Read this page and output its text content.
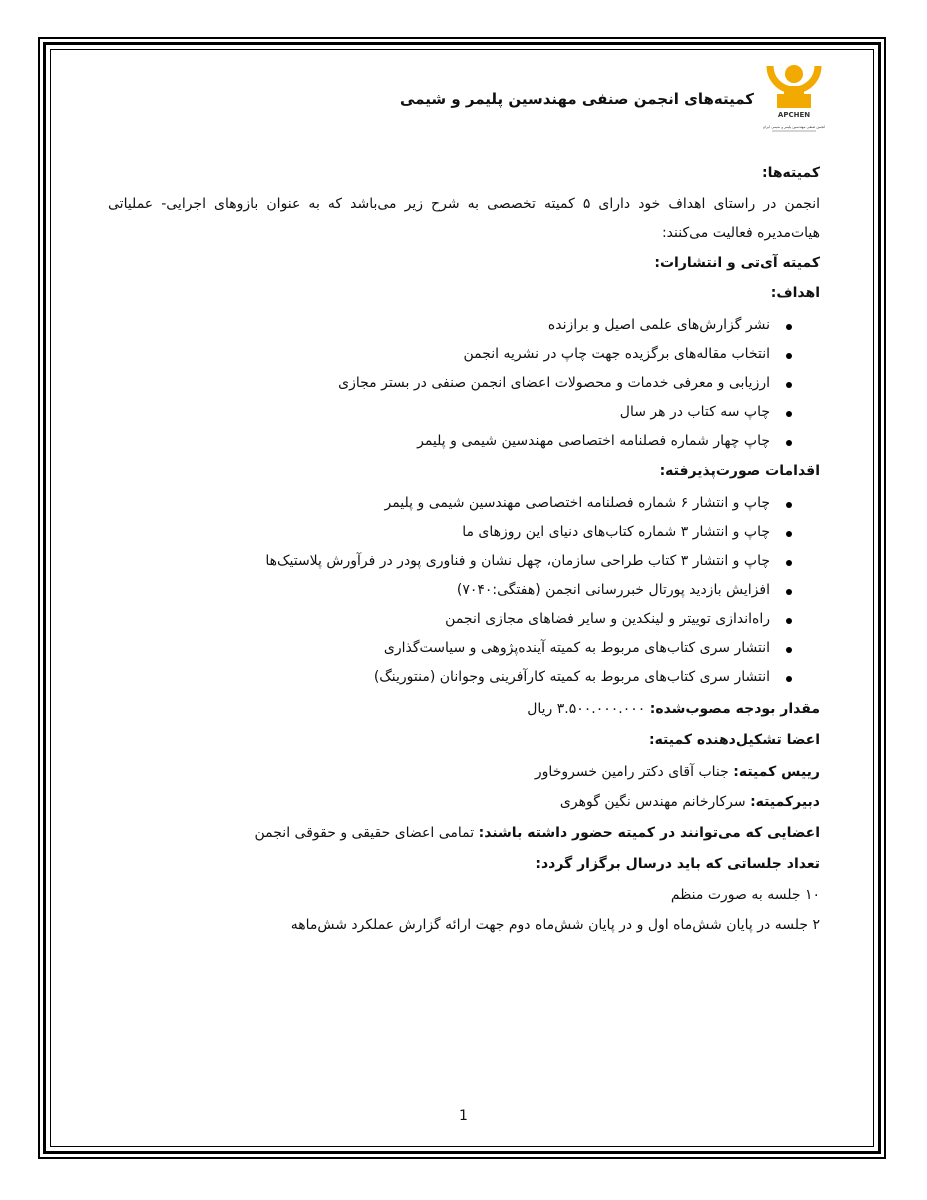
APCHEN
انجمن صنفی مهندسین پلیمر و شیمی ایران
کمیته‌های انجمن صنفی مهندسین پلیمر و شیمی
کمیته‌ها:
انجمن در راستای اهداف خود دارای ۵ کمیته تخصصی به شرح زیر می‌باشد که به عنوان بازوهای اجرایی- عملیاتی هیات‌مدیره فعالیت می‌کنند:
کمیته آی‌تی و انتشارات:
اهداف:
نشر گزارش‌های علمی اصیل و برازنده
انتخاب مقاله‌های برگزیده جهت چاپ در نشریه انجمن
ارزیابی و معرفی خدمات و محصولات اعضای انجمن صنفی در بستر مجازی
چاپ سه کتاب در هر سال
چاپ چهار شماره فصلنامه اختصاصی مهندسین شیمی و پلیمر
اقدامات صورت‌پذیرفته:
چاپ و انتشار ۶ شماره فصلنامه اختصاصی مهندسین شیمی و پلیمر
چاپ و انتشار ۳ شماره کتاب‌های دنیای این روزهای ما
چاپ و انتشار ۳ کتاب طراحی سازمان، چهل نشان و فناوری پودر در فرآورش پلاستیک‌ها
افزایش بازدید پورتال خبررسانی انجمن (هفتگی:۷۰۴۰)
راه‌اندازی توییتر و لینکدین و سایر فضاهای مجازی انجمن
انتشار سری کتاب‌های مربوط به کمیته آینده‌پژوهی و سیاست‌گذاری
انتشار سری کتاب‌های مربوط به کمیته کارآفرینی وجوانان (منتورینگ)
مقدار بودجه مصوب‌شده: ۳.۵۰۰.۰۰۰.۰۰۰ ریال
اعضا تشکیل‌دهنده کمیته:
رییس کمیته: جناب آقای دکتر رامین خسروخاور
دبیرکمیته: سرکارخانم مهندس نگین گوهری
اعضایی که می‌توانند در کمیته حضور داشته باشند: تمامی اعضای حقیقی و حقوقی انجمن
تعداد جلساتی که باید درسال برگزار گردد:
۱۰ جلسه به صورت منظم
۲ جلسه در پایان شش‌ماه اول و در پایان شش‌ماه دوم جهت ارائه گزارش عملکرد شش‌ماهه
1
